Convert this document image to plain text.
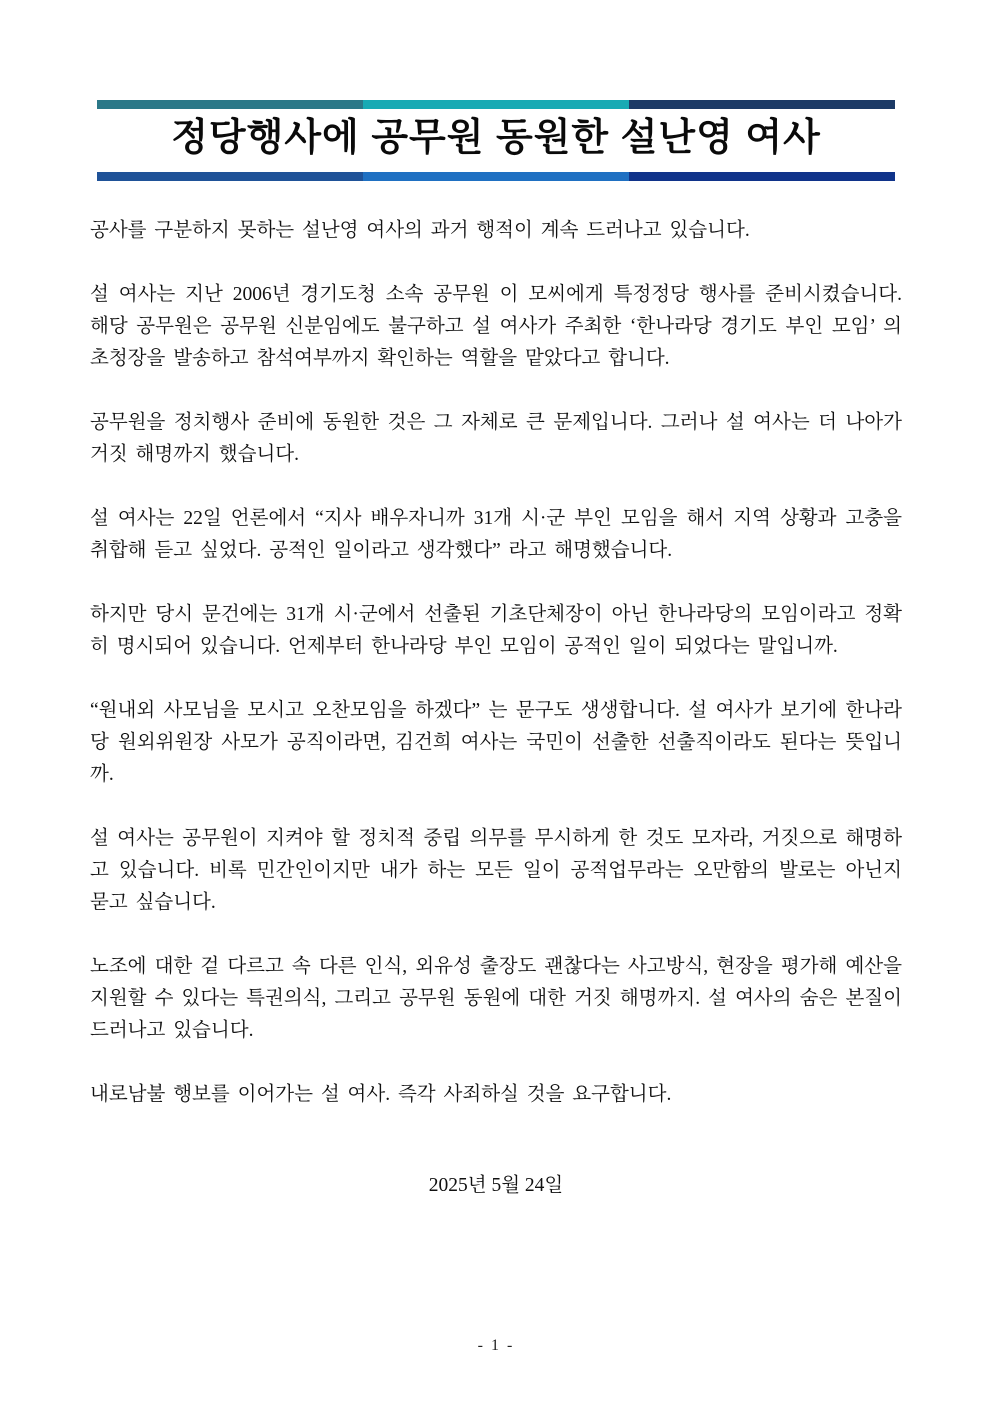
정당행사에 공무원 동원한 설난영 여사

공사를 구분하지 못하는 설난영 여사의 과거 행적이 계속 드러나고 있습니다.

설 여사는 지난 2006년 경기도청 소속 공무원 이 모씨에게 특정정당 행사를 준비시켰습니다. 해당 공무원은 공무원 신분임에도 불구하고 설 여사가 주최한 ‘한나라당 경기도 부인 모임’ 의 초청장을 발송하고 참석여부까지 확인하는 역할을 맡았다고 합니다.

공무원을 정치행사 준비에 동원한 것은 그 자체로 큰 문제입니다. 그러나 설 여사는 더 나아가 거짓 해명까지 했습니다.

설 여사는 22일 언론에서 “지사 배우자니까 31개 시·군 부인 모임을 해서 지역 상황과 고충을 취합해 듣고 싶었다. 공적인 일이라고 생각했다” 라고 해명했습니다.

하지만 당시 문건에는 31개 시·군에서 선출된 기초단체장이 아닌 한나라당의 모임이라고 정확히 명시되어 있습니다. 언제부터 한나라당 부인 모임이 공적인 일이 되었다는 말입니까.

“원내외 사모님을 모시고 오찬모임을 하겠다” 는 문구도 생생합니다. 설 여사가 보기에 한나라당 원외위원장 사모가 공직이라면, 김건희 여사는 국민이 선출한 선출직이라도 된다는 뜻입니까.

설 여사는 공무원이 지켜야 할 정치적 중립 의무를 무시하게 한 것도 모자라, 거짓으로 해명하고 있습니다. 비록 민간인이지만 내가 하는 모든 일이 공적업무라는 오만함의 발로는 아닌지 묻고 싶습니다.

노조에 대한 겉 다르고 속 다른 인식, 외유성 출장도 괜찮다는 사고방식, 현장을 평가해 예산을 지원할 수 있다는 특권의식, 그리고 공무원 동원에 대한 거짓 해명까지. 설 여사의 숨은 본질이 드러나고 있습니다.

내로남불 행보를 이어가는 설 여사. 즉각 사죄하실 것을 요구합니다.

2025년 5월 24일
- 1 -
